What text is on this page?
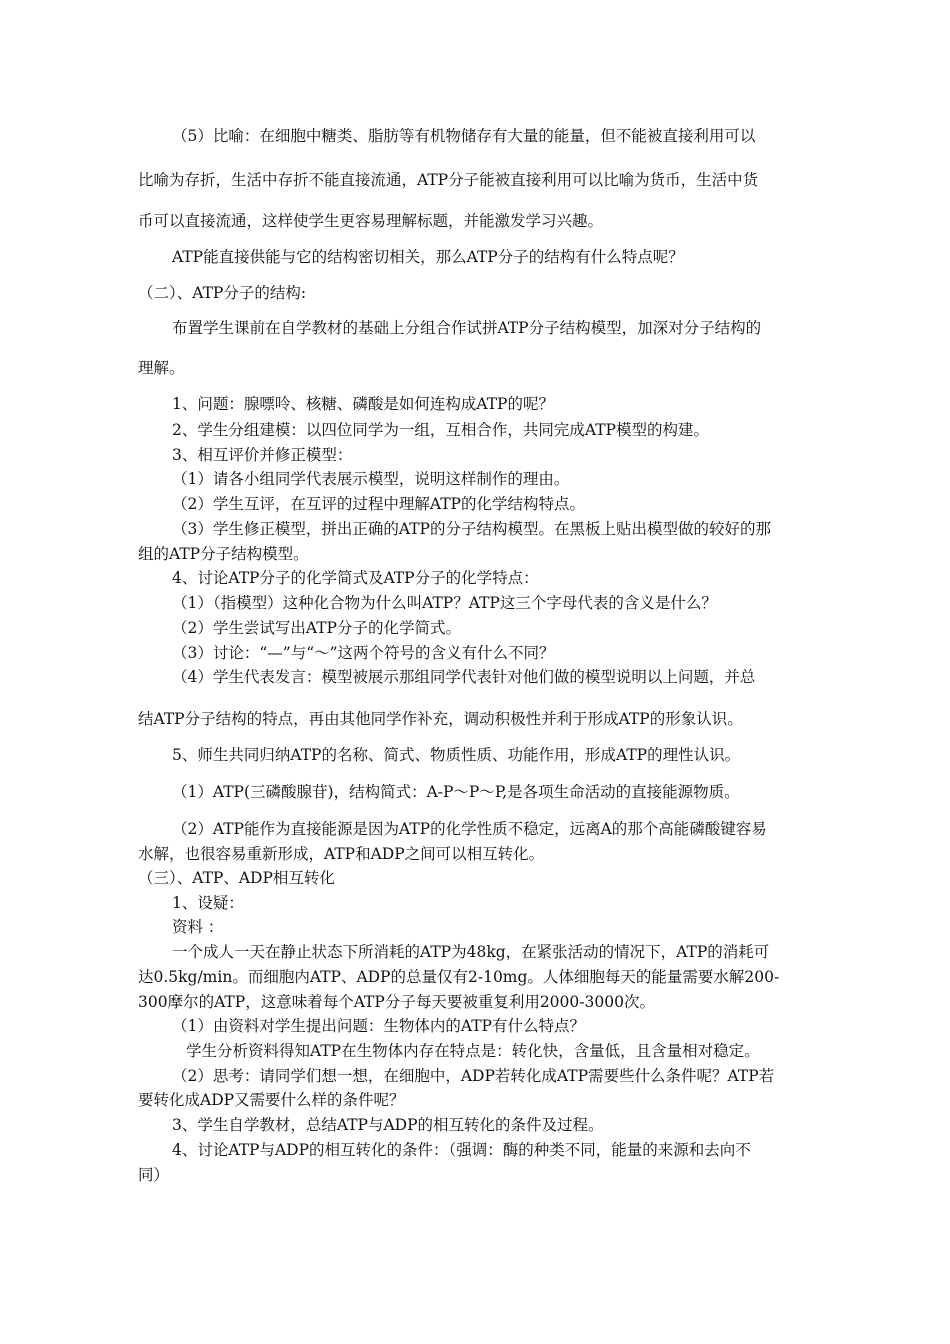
（5）比喻：在细胞中糖类、脂肪等有机物储存有大量的能量，但不能被直接利用可以
比喻为存折，生活中存折不能直接流通，ATP分子能被直接利用可以比喻为货币，生活中货
币可以直接流通，这样使学生更容易理解标题，并能激发学习兴趣。
ATP能直接供能与它的结构密切相关，那么ATP分子的结构有什么特点呢？
（二）、ATP分子的结构:
布置学生课前在自学教材的基础上分组合作试拼ATP分子结构模型，加深对分子结构的
理解。
1、问题：腺嘌呤、核糖、磷酸是如何连构成ATP的呢？
2、学生分组建模：以四位同学为一组，互相合作，共同完成ATP模型的构建。
3、相互评价并修正模型：
（1）请各小组同学代表展示模型，说明这样制作的理由。
（2）学生互评，在互评的过程中理解ATP的化学结构特点。
（3）学生修正模型，拼出正确的ATP的分子结构模型。在黑板上贴出模型做的较好的那
组的ATP分子结构模型。
4、讨论ATP分子的化学简式及ATP分子的化学特点：
（1）（指模型）这种化合物为什么叫ATP？ATP这三个字母代表的含义是什么？
（2）学生尝试写出ATP分子的化学简式。
（3）讨论：“—”与“～”这两个符号的含义有什么不同？
（4）学生代表发言：模型被展示那组同学代表针对他们做的模型说明以上问题，并总
结ATP分子结构的特点，再由其他同学作补充，调动积极性并利于形成ATP的形象认识。
5、师生共同归纳ATP的名称、简式、物质性质、功能作用，形成ATP的理性认识。
（1）ATP(三磷酸腺苷)，结构简式：A-P～P～P,是各项生命活动的直接能源物质。
（2）ATP能作为直接能源是因为ATP的化学性质不稳定，远离A的那个高能磷酸键容易
水解，也很容易重新形成，ATP和ADP之间可以相互转化。
（三）、ATP、ADP相互转化
1、设疑：
资料 ：
一个成人一天在静止状态下所消耗的ATP为48kg，在紧张活动的情况下，ATP的消耗可
达0.5kg/min。而细胞内ATP、ADP的总量仅有2-10mg。人体细胞每天的能量需要水解200-
300摩尔的ATP，这意味着每个ATP分子每天要被重复利用2000-3000次。
（1）由资料对学生提出问题：生物体内的ATP有什么特点？
学生分析资料得知ATP在生物体内存在特点是：转化快，含量低，且含量相对稳定。
（2）思考：请同学们想一想，在细胞中，ADP若转化成ATP需要些什么条件呢？ATP若
要转化成ADP又需要什么样的条件呢？
3、学生自学教材，总结ATP与ADP的相互转化的条件及过程。
4、讨论ATP与ADP的相互转化的条件：（强调：酶的种类不同，能量的来源和去向不
同）
